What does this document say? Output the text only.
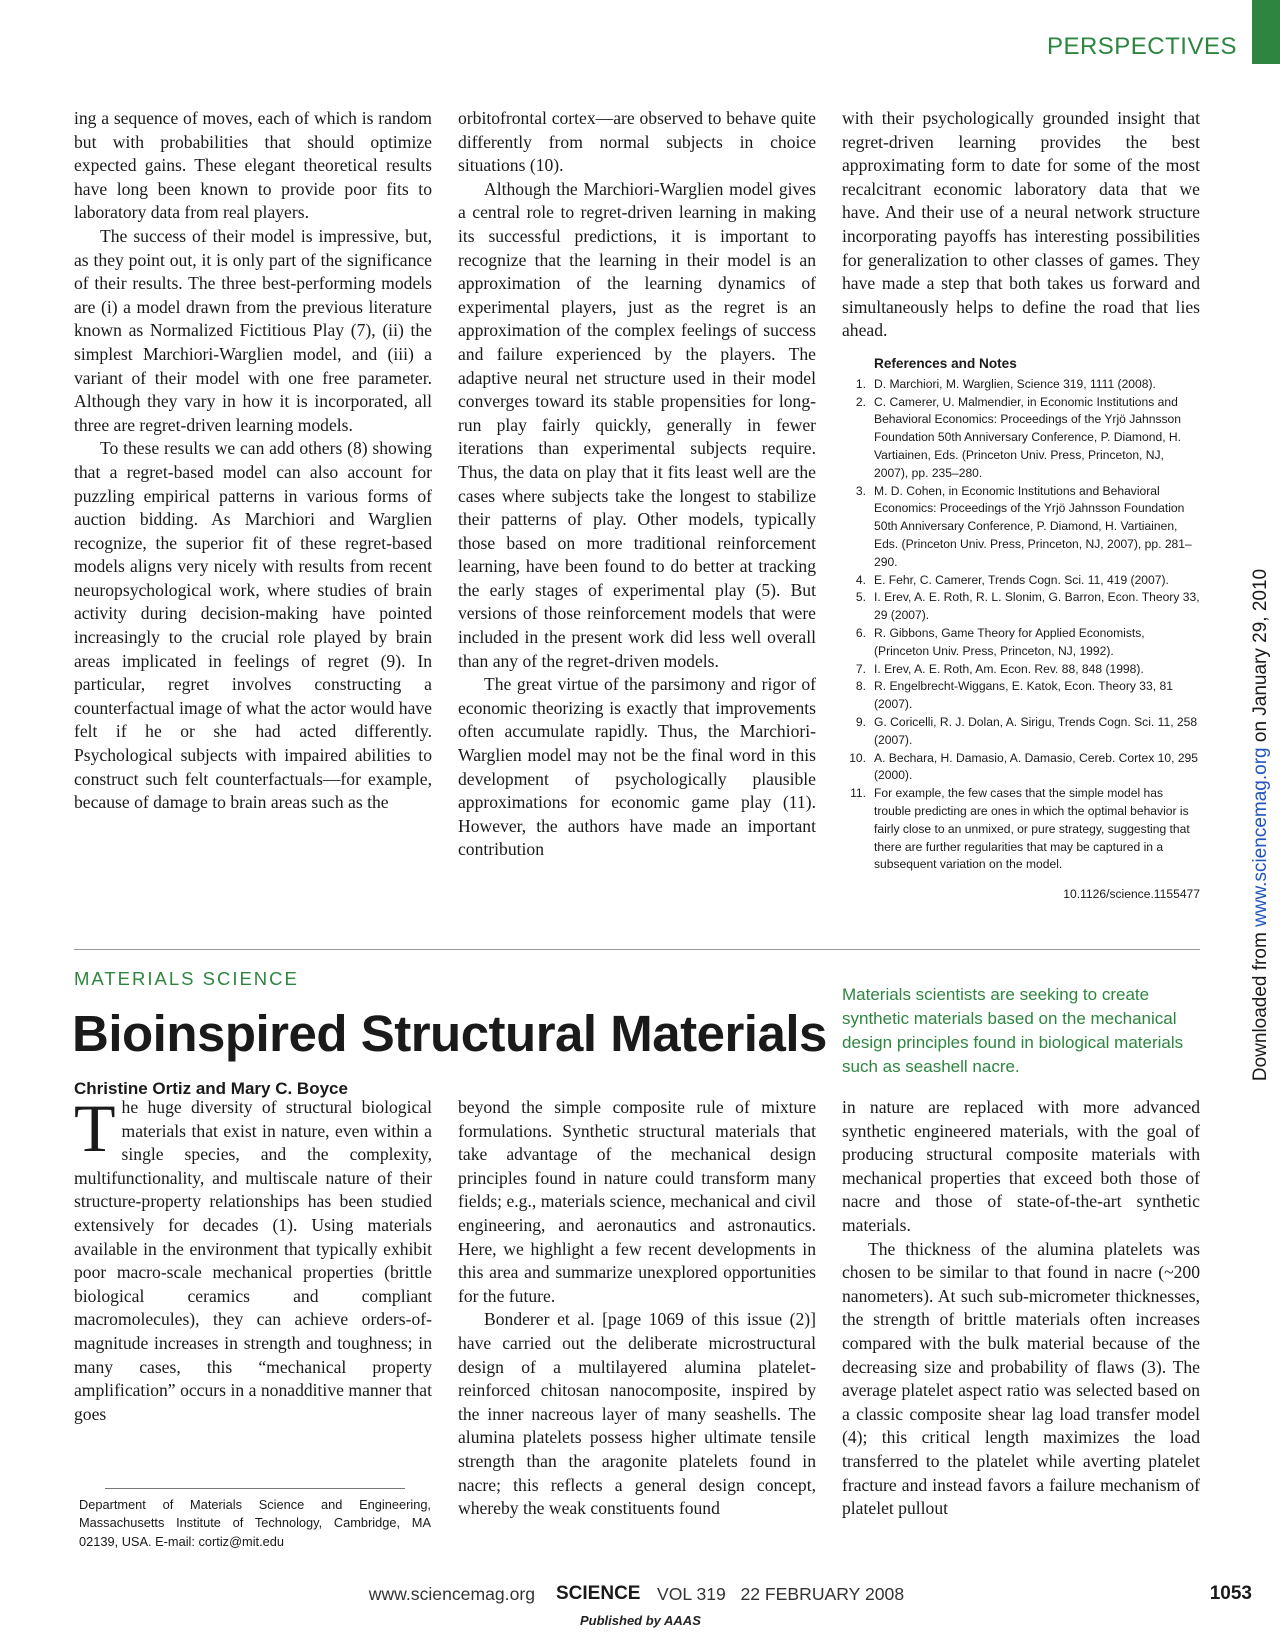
PERSPECTIVES

ing a sequence of moves, each of which is random but with probabilities that should optimize expected gains. These elegant theoretical results have long been known to provide poor fits to laboratory data from real players.

The success of their model is impressive, but, as they point out, it is only part of the significance of their results. The three best-performing models are (i) a model drawn from the previous literature known as Normalized Fictitious Play (7), (ii) the simplest Marchiori-Warglien model, and (iii) a variant of their model with one free parameter. Although they vary in how it is incorporated, all three are regret-driven learning models.

To these results we can add others (8) showing that a regret-based model can also account for puzzling empirical patterns in various forms of auction bidding. As Marchiori and Warglien recognize, the superior fit of these regret-based models aligns very nicely with results from recent neuropsychological work, where studies of brain activity during decision-making have pointed increasingly to the crucial role played by brain areas implicated in feelings of regret (9). In particular, regret involves constructing a counterfactual image of what the actor would have felt if he or she had acted differently. Psychological subjects with impaired abilities to construct such felt counterfactuals—for example, because of damage to brain areas such as the

orbitofrontal cortex—are observed to behave quite differently from normal subjects in choice situations (10).

Although the Marchiori-Warglien model gives a central role to regret-driven learning in making its successful predictions, it is important to recognize that the learning in their model is an approximation of the learning dynamics of experimental players, just as the regret is an approximation of the complex feelings of success and failure experienced by the players. The adaptive neural net structure used in their model converges toward its stable propensities for long-run play fairly quickly, generally in fewer iterations than experimental subjects require. Thus, the data on play that it fits least well are the cases where subjects take the longest to stabilize their patterns of play. Other models, typically those based on more traditional reinforcement learning, have been found to do better at tracking the early stages of experimental play (5). But versions of those reinforcement models that were included in the present work did less well overall than any of the regret-driven models.

The great virtue of the parsimony and rigor of economic theorizing is exactly that improvements often accumulate rapidly. Thus, the Marchiori-Warglien model may not be the final word in this development of psychologically plausible approximations for economic game play (11). However, the authors have made an important contribution

with their psychologically grounded insight that regret-driven learning provides the best approximating form to date for some of the most recalcitrant economic laboratory data that we have. And their use of a neural network structure incorporating payoffs has interesting possibilities for generalization to other classes of games. They have made a step that both takes us forward and simultaneously helps to define the road that lies ahead.

References and Notes
1. D. Marchiori, M. Warglien, Science 319, 1111 (2008).
2. C. Camerer, U. Malmendier, in Economic Institutions and Behavioral Economics: Proceedings of the Yrjö Jahnsson Foundation 50th Anniversary Conference, P. Diamond, H. Vartiainen, Eds. (Princeton Univ. Press, Princeton, NJ, 2007), pp. 235–280.
3. M. D. Cohen, in Economic Institutions and Behavioral Economics: Proceedings of the Yrjö Jahnsson Foundation 50th Anniversary Conference, P. Diamond, H. Vartiainen, Eds. (Princeton Univ. Press, Princeton, NJ, 2007), pp. 281–290.
4. E. Fehr, C. Camerer, Trends Cogn. Sci. 11, 419 (2007).
5. I. Erev, A. E. Roth, R. L. Slonim, G. Barron, Econ. Theory 33, 29 (2007).
6. R. Gibbons, Game Theory for Applied Economists, (Princeton Univ. Press, Princeton, NJ, 1992).
7. I. Erev, A. E. Roth, Am. Econ. Rev. 88, 848 (1998).
8. R. Engelbrecht-Wiggans, E. Katok, Econ. Theory 33, 81 (2007).
9. G. Coricelli, R. J. Dolan, A. Sirigu, Trends Cogn. Sci. 11, 258 (2007).
10. A. Bechara, H. Damasio, A. Damasio, Cereb. Cortex 10, 295 (2000).
11. For example, the few cases that the simple model has trouble predicting are ones in which the optimal behavior is fairly close to an unmixed, or pure strategy, suggesting that there are further regularities that may be captured in a subsequent variation on the model.
10.1126/science.1155477
MATERIALS SCIENCE
Bioinspired Structural Materials
Christine Ortiz and Mary C. Boyce
Materials scientists are seeking to create synthetic materials based on the mechanical design principles found in biological materials such as seashell nacre.

The huge diversity of structural biological materials that exist in nature, even within a single species, and the complexity, multifunctionality, and multiscale nature of their structure-property relationships has been studied extensively for decades (1). Using materials available in the environment that typically exhibit poor macro-scale mechanical properties (brittle biological ceramics and compliant macromolecules), they can achieve orders-of-magnitude increases in strength and toughness; in many cases, this “mechanical property amplification” occurs in a nonadditive manner that goes

beyond the simple composite rule of mixture formulations. Synthetic structural materials that take advantage of the mechanical design principles found in nature could transform many fields; e.g., materials science, mechanical and civil engineering, and aeronautics and astronautics. Here, we highlight a few recent developments in this area and summarize unexplored opportunities for the future.

Bonderer et al. [page 1069 of this issue (2)] have carried out the deliberate microstructural design of a multilayered alumina platelet-reinforced chitosan nanocomposite, inspired by the inner nacreous layer of many seashells. The alumina platelets possess higher ultimate tensile strength than the aragonite platelets found in nacre; this reflects a general design concept, whereby the weak constituents found

in nature are replaced with more advanced synthetic engineered materials, with the goal of producing structural composite materials with mechanical properties that exceed both those of nacre and those of state-of-the-art synthetic materials.

The thickness of the alumina platelets was chosen to be similar to that found in nacre (~200 nanometers). At such sub-micrometer thicknesses, the strength of brittle materials often increases compared with the bulk material because of the decreasing size and probability of flaws (3). The average platelet aspect ratio was selected based on a classic composite shear lag load transfer model (4); this critical length maximizes the load transferred to the platelet while averting platelet fracture and instead favors a failure mechanism of platelet pullout

Department of Materials Science and Engineering, Massachusetts Institute of Technology, Cambridge, MA 02139, USA. E-mail: cortiz@mit.edu
Downloaded from www.sciencemag.org on January 29, 2010
www.sciencemag.org SCIENCE VOL 319   22 FEBRUARY 2008	1053
Published by AAAS
